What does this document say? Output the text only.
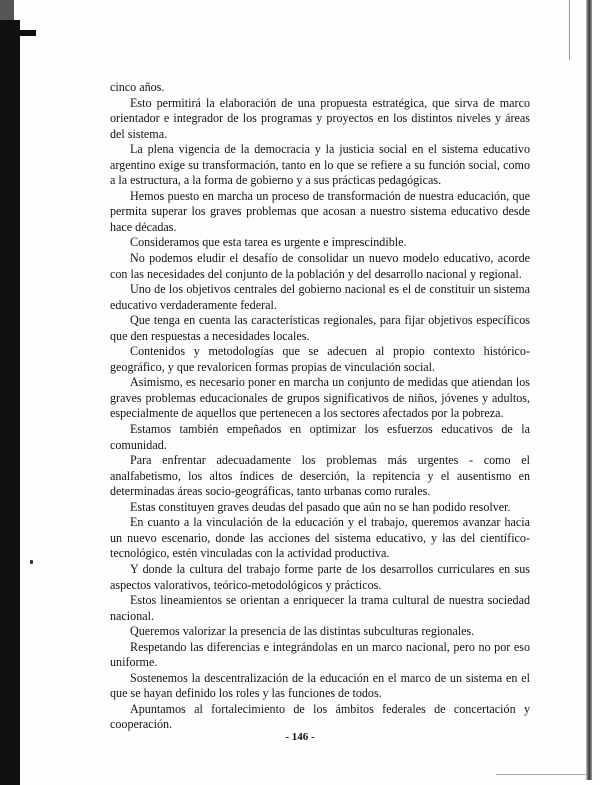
cinco años.

Esto permitirá la elaboración de una propuesta estratégica, que sirva de marco orientador e integrador de los programas y proyectos en los distintos niveles y áreas del sistema.

La plena vigencia de la democracia y la justicia social en el sistema educativo argentino exige su transformación, tanto en lo que se refiere a su función social, como a la estructura, a la forma de gobierno y a sus prácticas pedagógicas.

Hemos puesto en marcha un proceso de transformación de nuestra educación, que permita superar los graves problemas que acosan a nuestro sistema educativo desde hace décadas.

Consideramos que esta tarea es urgente e imprescindible.

No podemos eludir el desafío de consolidar un nuevo modelo educativo, acorde con las necesidades del conjunto de la población y del desarrollo nacional y regional.

Uno de los objetivos centrales del gobierno nacional es el de constituir un sistema educativo verdaderamente federal.

Que tenga en cuenta las características regionales, para fijar objetivos específicos que den respuestas a necesidades locales.

Contenidos y metodologías que se adecuen al propio contexto histórico-geográfico, y que revaloricen formas propias de vinculación social.

Asimismo, es necesario poner en marcha un conjunto de medidas que atiendan los graves problemas educacionales de grupos significativos de niños, jóvenes y adultos, especialmente de aquellos que pertenecen a los sectores afectados por la pobreza.

Estamos también empeñados en optimizar los esfuerzos educativos de la comunidad.

Para enfrentar adecuadamente los problemas más urgentes - como el analfabetismo, los altos índices de deserción, la repitencia y el ausentismo en determinadas áreas socio-geográficas, tanto urbanas como rurales.

Estas constituyen graves deudas del pasado que aún no se han podido resolver.

En cuanto a la vinculación de la educación y el trabajo, queremos avanzar hacia un nuevo escenario, donde las acciones del sistema educativo, y las del científico-tecnológico, estén vinculadas con la actividad productiva.

Y donde la cultura del trabajo forme parte de los desarrollos curriculares en sus aspectos valorativos, teórico-metodológicos y prácticos.

Estos lineamientos se orientan a enriquecer la trama cultural de nuestra sociedad nacional.

Queremos valorizar la presencia de las distintas subculturas regionales.

Respetando las diferencias e integrándolas en un marco nacional, pero no por eso uniforme.

Sostenemos la descentralización de la educación en el marco de un sistema en el que se hayan definido los roles y las funciones de todos.

Apuntamos al fortalecimiento de los ámbitos federales de concertación y cooperación.

- 146 -
